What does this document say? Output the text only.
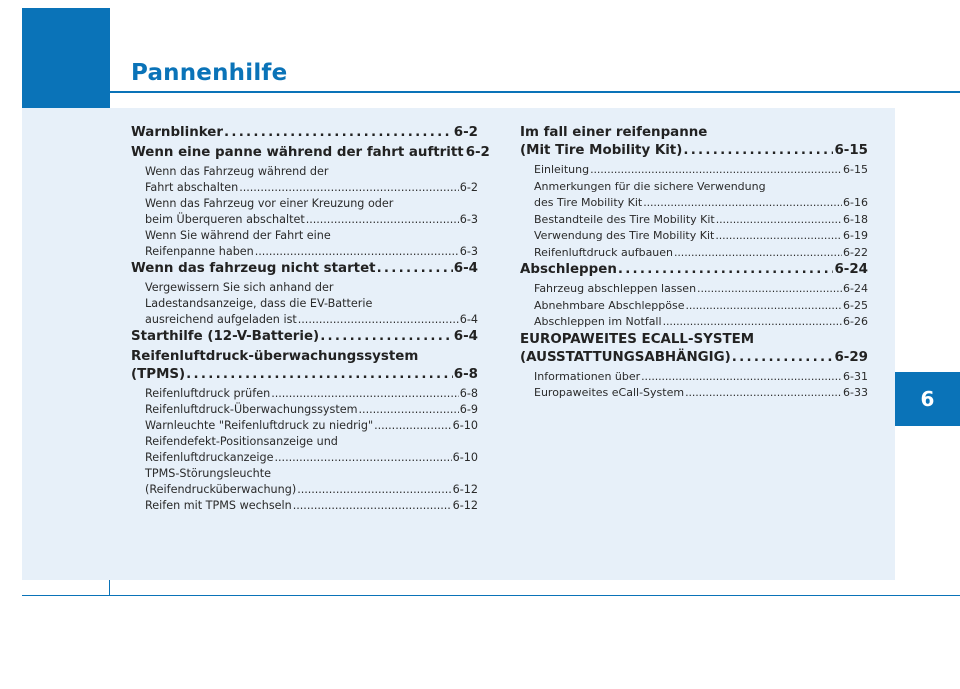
Pannenhilfe
6
Warnblinker . . .	6-2
Wenn eine panne während der fahrt auftritt 6-2
Wenn das Fahrzeug während der
Fahrt abschalten . . .	6-2
Wenn das Fahrzeug vor einer Kreuzung oder
beim Überqueren abschaltet . . .	6-3
Wenn Sie während der Fahrt eine
Reifenpanne haben . . .	6-3
Wenn das fahrzeug nicht startet . . .	6-4
Vergewissern Sie sich anhand der
Ladestandsanzeige, dass die EV-Batterie
ausreichend aufgeladen ist . . .	6-4
Starthilfe (12-V-Batterie) . . .	6-4
Reifenluftdruck-überwachungssystem
(TPMS) . . .	6-8
Reifenluftdruck prüfen . . .	6-8
Reifenluftdruck-Überwachungssystem . . .	6-9
Warnleuchte "Reifenluftdruck zu niedrig" . . .	6-10
Reifendefekt-Positionsanzeige und
Reifenluftdruckanzeige . . .	6-10
TPMS-Störungsleuchte
(Reifendrucküberwachung) . . .	6-12
Reifen mit TPMS wechseln . . .	6-12
Im fall einer reifenpanne
(Mit Tire Mobility Kit) . . .	6-15
Einleitung . . .	6-15
Anmerkungen für die sichere Verwendung
des Tire Mobility Kit . . .	6-16
Bestandteile des Tire Mobility Kit . . .	6-18
Verwendung des Tire Mobility Kit . . .	6-19
Reifenluftdruck aufbauen . . .	6-22
Abschleppen . . .	6-24
Fahrzeug abschleppen lassen . . .	6-24
Abnehmbare Abschleppöse . . .	6-25
Abschleppen im Notfall . . .	6-26
EUROPAWEITES ECALL-SYSTEM
(AUSSTATTUNGSABHÄNGIG) . . .	6-29
Informationen über . . .	6-31
Europaweites eCall-System . . .	6-33
